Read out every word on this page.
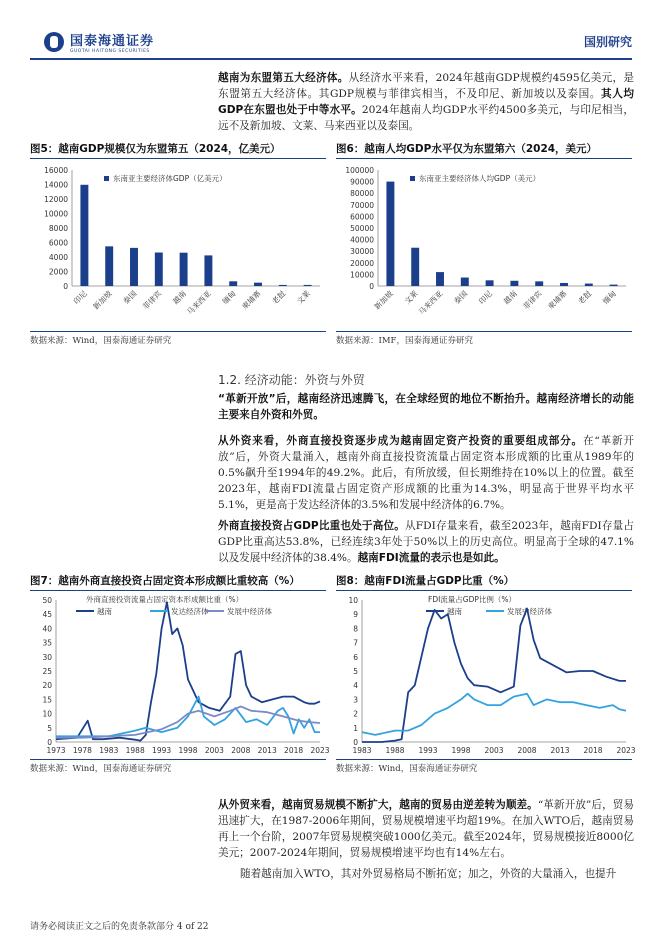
国泰海通证券
GUOTAI HAITONG SECURITIES
国别研究
越南为东盟第五大经济体。从经济水平来看，2024年越南GDP规模约4595亿美元，是东盟第五大经济体。其GDP规模与菲律宾相当，不及印尼、新加坡以及泰国。其人均GDP在东盟也处于中等水平。2024年越南人均GDP水平约4500多美元，与印尼相当，远不及新加坡、文莱、马来西亚以及泰国。
图5：越南GDP规模仅为东盟第五（2024，亿美元）
0
2000
4000
6000
8000
10000
12000
14000
16000
印尼 新加坡 泰国 菲律宾 越南
马来西亚 缅甸 柬埔寨 老挝 文莱
东南亚主要经济体GDP（亿美元）
数据来源：Wind，国泰海通证券研究
图6：越南人均GDP水平仅为东盟第六（2024，美元）
0
10000
20000
30000
40000
50000
60000
70000
80000
90000
100000
新加坡 文莱
马来西亚 泰国 印尼 越南 菲律宾 柬埔寨 老挝 缅甸
东南亚主要经济体人均GDP（美元）
数据来源：IMF，国泰海通证券研究
1.2. 经济动能：外资与外贸
“革新开放”后，越南经济迅速腾飞，在全球经贸的地位不断抬升。越南经济增长的动能主要来自外资和外贸。
从外资来看，外商直接投资逐步成为越南固定资产投资的重要组成部分。在“革新开放”后，外资大量涌入，越南外商直接投资流量占固定资本形成额的比重从1989年的0.5%飙升至1994年的49.2%。此后，有所放缓，但长期维持在10%以上的位置。截至2023年，越南FDI流量占固定资产形成额的比重为14.3%，明显高于世界平均水平5.1%，更是高于发达经济体的3.5%和发展中经济体的6.7%。
外商直接投资占GDP比重也处于高位。从FDI存量来看，截至2023年，越南FDI存量占GDP比重高达53.8%，已经连续3年处于50%以上的历史高位。明显高于全球的47.1%以及发展中经济体的38.4%。越南FDI流量的表示也是如此。
图7：越南外商直接投资占固定资本形成额比重较高（%）
0
5
10
15
20
25
30
35
40
45
50
1973 1978 1983 1988 1993 1998 2003 2008 2013 2018 2023
越南	发达经济体 发展中经济体
外商直接投资流量占固定资本形成额比重（%）
数据来源：Wind，国泰海通证券研究
图8：越南FDI流量占GDP比重（%）
0
1
2
3
4
5
6
7
8
9
10
1983 1988 1993 1998 2003 2008 2013 2018 2023
越南	发展中经济体
FDI流量占GDP比例（%）
数据来源：Wind，国泰海通证券研究
从外贸来看，越南贸易规模不断扩大，越南的贸易由逆差转为顺差。“革新开放”后，贸易迅速扩大，在1987-2006年期间，贸易规模增速平均超19%。在加入WTO后，越南贸易再上一个台阶，2007年贸易规模突破1000亿美元。截至2024年，贸易规模接近8000亿美元；2007-2024年期间，贸易规模增速平均也有14%左右。
随着越南加入WTO，其对外贸易格局不断拓宽；加之，外资的大量涌入，也提升
请务必阅读正文之后的免责条款部分 4 of 22
